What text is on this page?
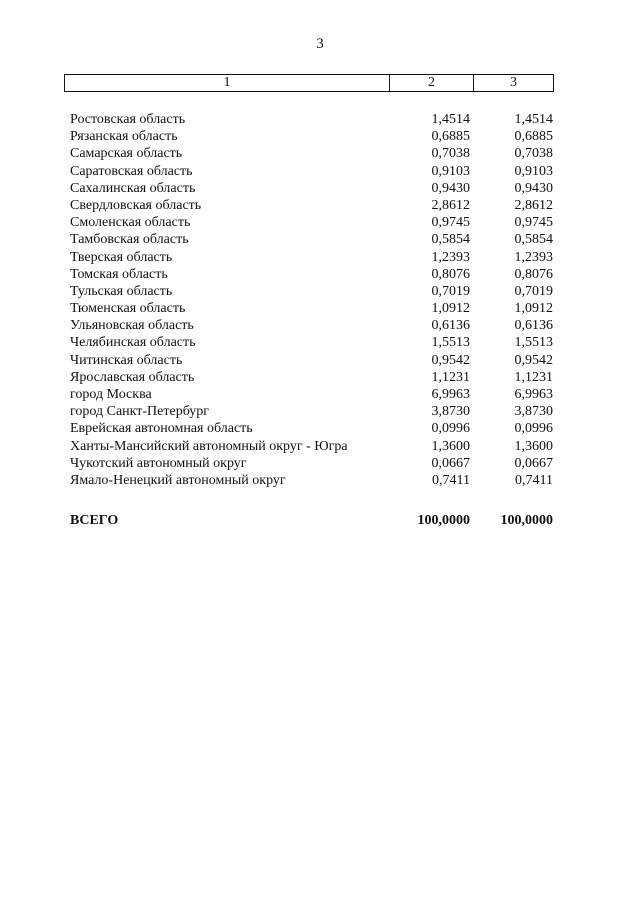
3
1	2	3
Ростовская область	1,4514	1,4514
Рязанская область	0,6885	0,6885
Самарская область	0,7038	0,7038
Саратовская область	0,9103	0,9103
Сахалинская область	0,9430	0,9430
Свердловская область	2,8612	2,8612
Смоленская область	0,9745	0,9745
Тамбовская область	0,5854	0,5854
Тверская область	1,2393	1,2393
Томская область	0,8076	0,8076
Тульская область	0,7019	0,7019
Тюменская область	1,0912	1,0912
Ульяновская область	0,6136	0,6136
Челябинская область	1,5513	1,5513
Читинская область	0,9542	0,9542
Ярославская область	1,1231	1,1231
город Москва	6,9963	6,9963
город Санкт-Петербург	3,8730	3,8730
Еврейская автономная область	0,0996	0,0996
Ханты-Мансийский автономный округ - Югра	1,3600	1,3600
Чукотский автономный округ	0,0667	0,0667
Ямало-Ненецкий автономный округ	0,7411	0,7411
ВСЕГО	100,0000 100,0000
